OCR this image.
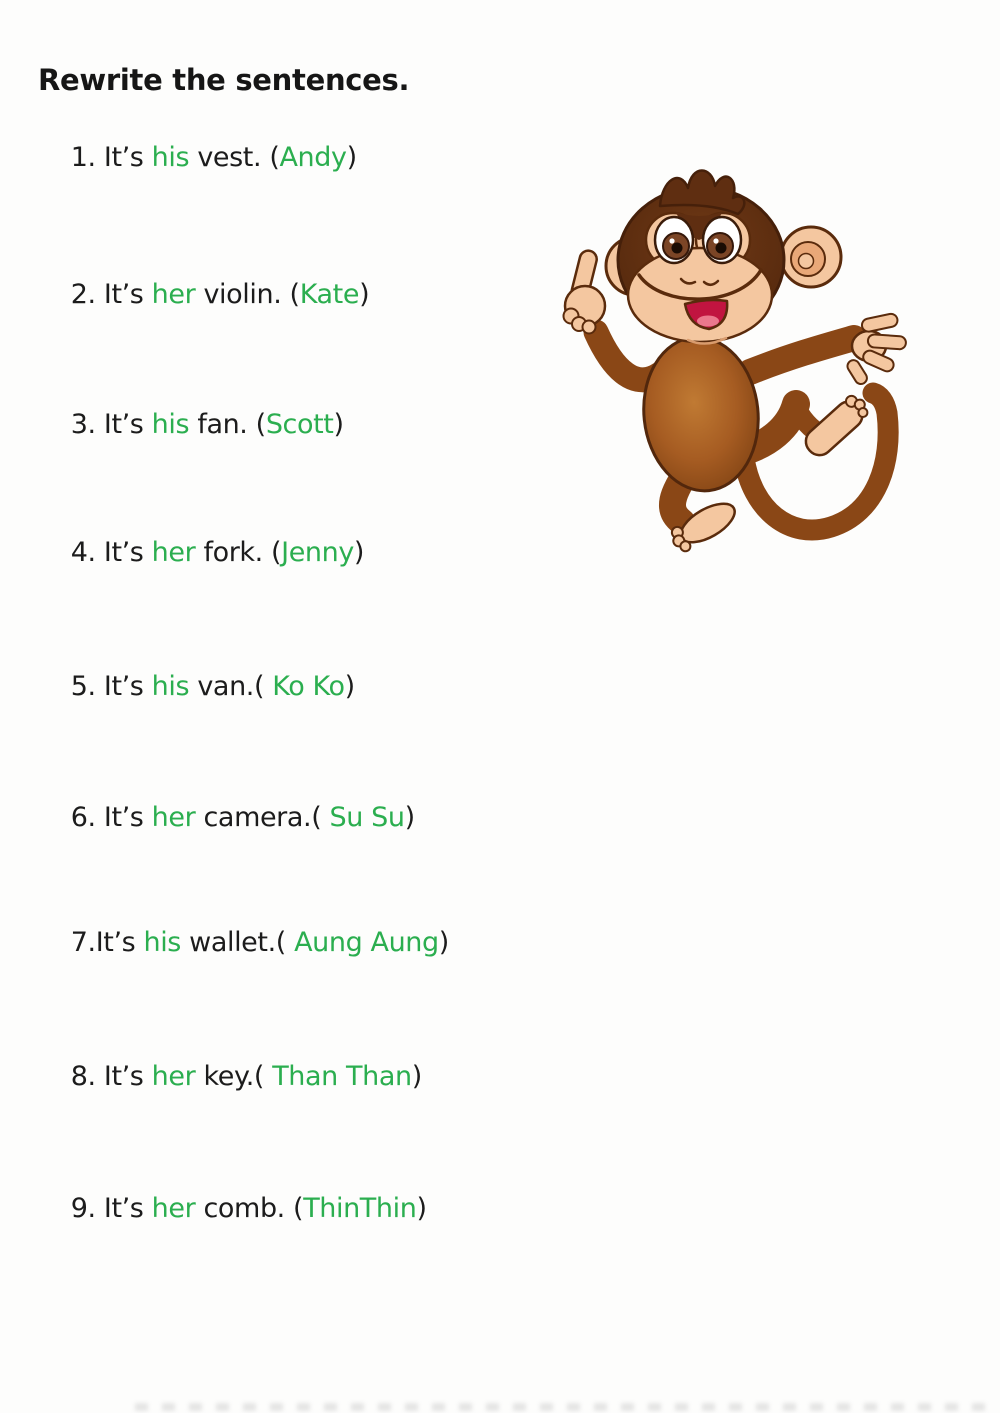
Rewrite the sentences.

1. It’s his vest. (Andy)

2. It’s her violin. (Kate)

3. It’s his fan. (Scott)

4. It’s her fork. (Jenny)

5. It’s his van.( Ko Ko)

6. It’s her camera.( Su Su)

7.It’s his wallet.( Aung Aung)

8. It’s her key.( Than Than)

9. It’s her comb. (ThinThin)
